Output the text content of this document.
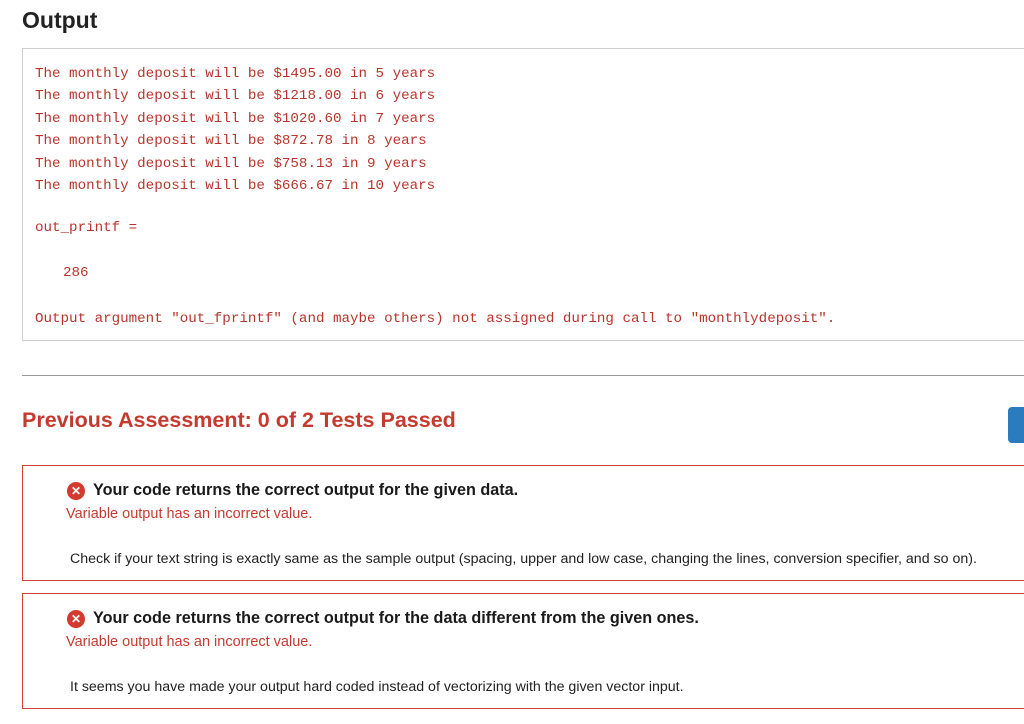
Output
The monthly deposit will be $1495.00 in 5 years
The monthly deposit will be $1218.00 in 6 years
The monthly deposit will be $1020.60 in 7 years
The monthly deposit will be $872.78 in 8 years
The monthly deposit will be $758.13 in 9 years
The monthly deposit will be $666.67 in 10 years
out_printf =
286
Output argument "out_fprintf" (and maybe others) not assigned during call to "monthlydeposit".
Previous Assessment: 0 of 2 Tests Passed
✕ Your code returns the correct output for the given data.
Variable output has an incorrect value.
Check if your text string is exactly same as the sample output (spacing, upper and low case, changing the lines, conversion specifier, and so on).
✕ Your code returns the correct output for the data different from the given ones.
Variable output has an incorrect value.
It seems you have made your output hard coded instead of vectorizing with the given vector input.
